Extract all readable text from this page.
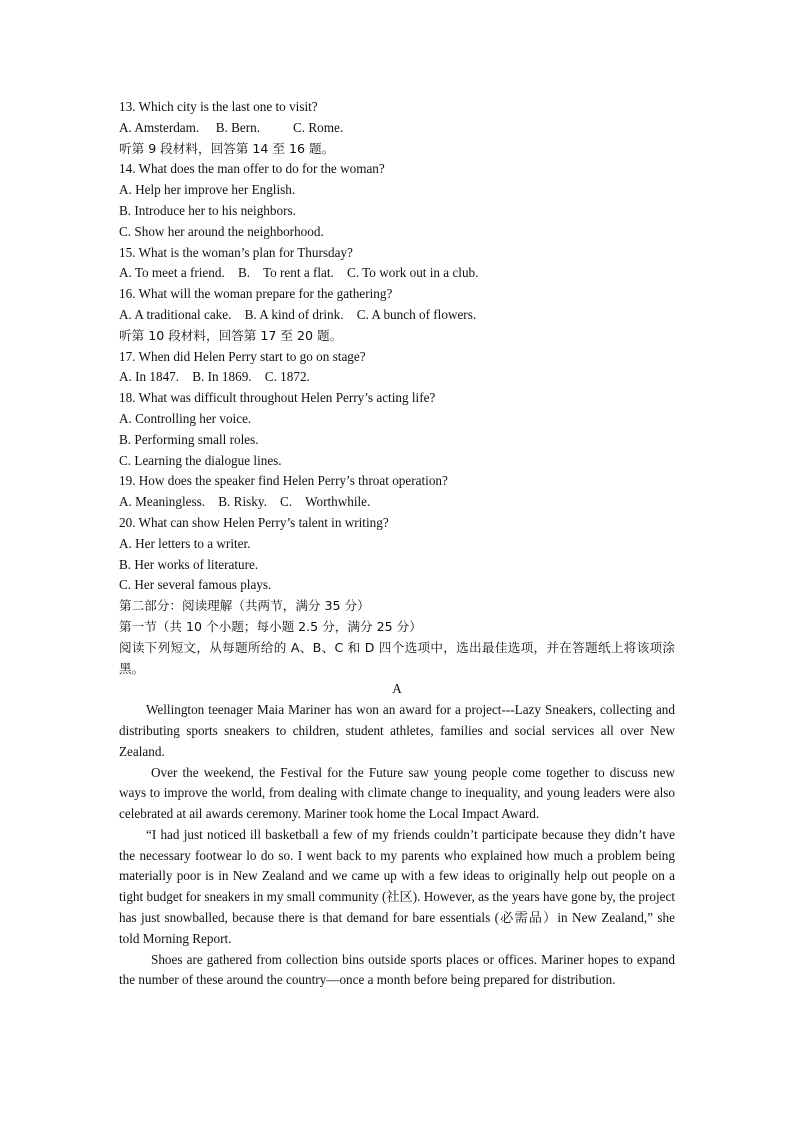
13. Which city is the last one to visit?

A. Amsterdam.     B. Bern.          C. Rome.

听第 9 段材料，回答第 14 至 16 题。

14. What does the man offer to do for the woman?

A. Help her improve her English.

B. Introduce her to his neighbors.

C. Show her around the neighborhood.

15. What is the woman’s plan for Thursday?

A. To meet a friend.    B.    To rent a flat.    C. To work out in a club.

16. What will the woman prepare for the gathering?

A. A traditional cake.    B. A kind of drink.    C. A bunch of flowers.

听第 10 段材料，回答第 17 至 20 题。

17. When did Helen Perry start to go on stage?

A. In 1847.    B. In 1869.    C. 1872.

18. What was difficult throughout Helen Perry’s acting life?

A. Controlling her voice.

B. Performing small roles.

C. Learning the dialogue lines.

19. How does the speaker find Helen Perry’s throat operation?

A. Meaningless.    B. Risky.    C.    Worthwhile.

20. What can show Helen Perry’s talent in writing?

A. Her letters to a writer.

B. Her works of literature.

C. Her several famous plays.

第二部分：阅读理解（共两节，满分 35 分）

第一节（共 10 个小题；每小题 2.5 分，满分 25 分）

阅读下列短文，从每题所给的 A、B、C 和 D 四个选项中，选出最佳选项，并在答题纸上将该项涂黑。

A

Wellington teenager Maia Mariner has won an award for a project---Lazy Sneakers, collecting and distributing sports sneakers to children, student athletes, families and social services all over New Zealand.

Over the weekend, the Festival for the Future saw young people come together to discuss new ways to improve the world, from dealing with climate change to inequality, and young leaders were also celebrated at ail awards ceremony. Mariner took home the Local Impact Award.

“I had just noticed ill basketball a few of my friends couldn’t participate because they didn’t have the necessary footwear lo do so. I went back to my parents who explained how much a problem being materially poor is in New Zealand and we came up with a few ideas to originally help out people on a tight budget for sneakers in my small community (社区). However, as the years have gone by, the project has just snowballed, because there is that demand for bare essentials (必需品）in New Zealand,” she told Morning Report.

Shoes are gathered from collection bins outside sports places or offices. Mariner hopes to expand the number of these around the country—once a month before being prepared for distribution.
